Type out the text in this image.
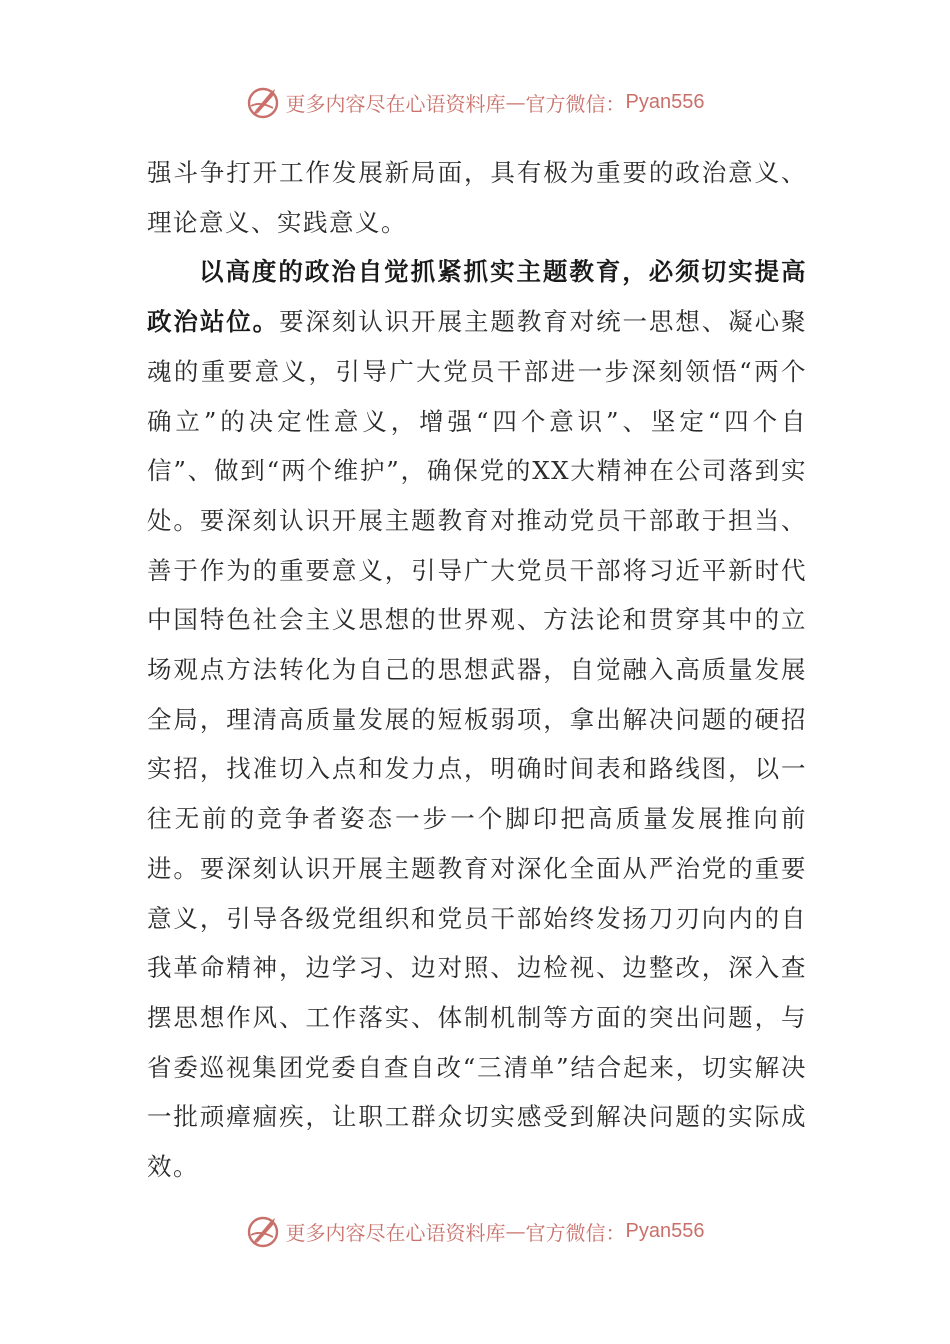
更多内容尽在心语资料库 — 官方微信： Pyan556

强斗争打开工作发展新局面，具有极为重要的政治意义、理论意义、实践意义。

以高度的政治自觉抓紧抓实主题教育，必须切实提高政治站位。要深刻认识开展主题教育对统一思想、凝心聚魂的重要意义，引导广大党员干部进一步深刻领悟“两个确立”的决定性意义，增强“四个意识”、坚定“四个自信”、做到“两个维护”，确保党的XX大精神在公司落到实处。要深刻认识开展主题教育对推动党员干部敢于担当、善于作为的重要意义，引导广大党员干部将习近平新时代中国特色社会主义思想的世界观、方法论和贯穿其中的立场观点方法转化为自己的思想武器，自觉融入高质量发展全局，理清高质量发展的短板弱项，拿出解决问题的硬招实招，找准切入点和发力点，明确时间表和路线图，以一往无前的竞争者姿态一步一个脚印把高质量发展推向前进。要深刻认识开展主题教育对深化全面从严治党的重要意义，引导各级党组织和党员干部始终发扬刀刃向内的自我革命精神，边学习、边对照、边检视、边整改，深入查摆思想作风、工作落实、体制机制等方面的突出问题，与省委巡视集团党委自查自改“三清单”结合起来，切实解决一批顽瘴痼疾，让职工群众切实感受到解决问题的实际成效。

更多内容尽在心语资料库 — 官方微信： Pyan556
